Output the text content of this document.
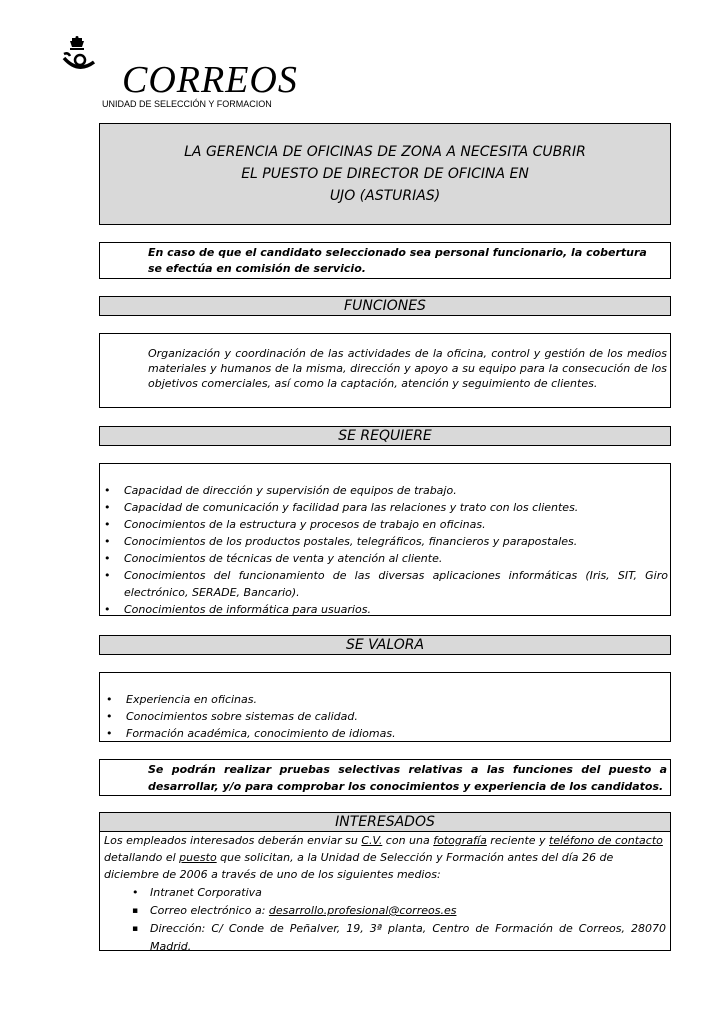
CORREOS
UNIDAD DE SELECCIÓN Y FORMACION
LA GERENCIA DE OFICINAS DE ZONA A NECESITA CUBRIR
EL PUESTO DE DIRECTOR DE OFICINA EN
UJO (ASTURIAS)
En caso de que el candidato seleccionado sea personal funcionario, la cobertura se efectúa en comisión de servicio.
FUNCIONES
Organización y coordinación de las actividades de la oficina, control y gestión de los medios materiales y humanos de la misma, dirección y apoyo a su equipo para la consecución de los objetivos comerciales, así como la captación, atención y seguimiento de clientes.
SE REQUIERE
• Capacidad de dirección y supervisión de equipos de trabajo.
• Capacidad de comunicación y facilidad para las relaciones y trato con los clientes.
• Conocimientos de la estructura y procesos de trabajo en oficinas.
• Conocimientos de los productos postales, telegráficos, financieros y parapostales.
• Conocimientos de técnicas de venta y atención al cliente.
• Conocimientos del funcionamiento de las diversas aplicaciones informáticas (Iris, SIT, Giro electrónico, SERADE, Bancario).
• Conocimientos de informática para usuarios.
SE VALORA
• Experiencia en oficinas.
• Conocimientos sobre sistemas de calidad.
• Formación académica, conocimiento de idiomas.
Se podrán realizar pruebas selectivas relativas a las funciones del puesto a desarrollar, y/o para comprobar los conocimientos y experiencia de los candidatos.
INTERESADOS
Los empleados interesados deberán enviar su C.V. con una fotografía reciente y teléfono de contacto detallando el puesto que solicitan, a la Unidad de Selección y Formación antes del día 26 de diciembre de 2006 a través de uno de los siguientes medios:
• Intranet Corporativa
▪ Correo electrónico a: desarrollo.profesional@correos.es
▪ Dirección: C/ Conde de Peñalver, 19, 3ª planta, Centro de Formación de Correos, 28070 Madrid.
